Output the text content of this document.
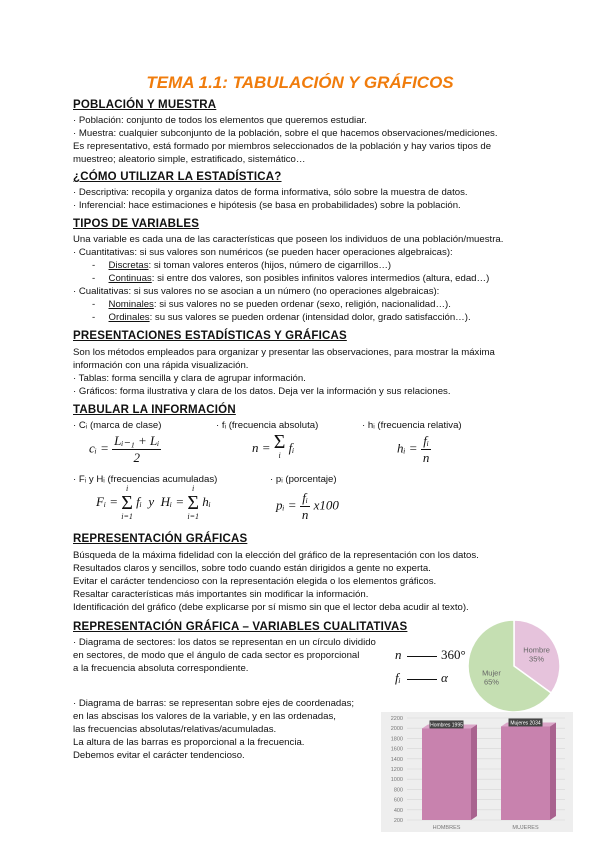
TEMA 1.1: TABULACIÓN Y GRÁFICOS
POBLACIÓN Y MUESTRA
· Población: conjunto de todos los elementos que queremos estudiar.
· Muestra: cualquier subconjunto de la población, sobre el que hacemos observaciones/mediciones.
Es representativo, está formado por miembros seleccionados de la población y hay varios tipos de
muestreo; aleatorio simple, estratificado, sistemático…
¿CÓMO UTILIZAR LA ESTADÍSTICA?
· Descriptiva: recopila y organiza datos de forma informativa, sólo sobre la muestra de datos.
· Inferencial: hace estimaciones e hipótesis (se basa en probabilidades) sobre la población.
TIPOS DE VARIABLES
Una variable es cada una de las características que poseen los individuos de una población/muestra.
· Cuantitativas: si sus valores son numéricos (se pueden hacer operaciones algebraicas):
- Discretas: si toman valores enteros (hijos, número de cigarrillos…)
- Continuas: si entre dos valores, son posibles infinitos valores intermedios (altura, edad…)
· Cualitativas: si sus valores no se asocian a un número (no operaciones algebraicas):
- Nominales: si sus valores no se pueden ordenar (sexo, religión, nacionalidad…).
- Ordinales: su sus valores se pueden ordenar (intensidad dolor, grado satisfacción…).
PRESENTACIONES ESTADÍSTICAS Y GRÁFICAS
Son los métodos empleados para organizar y presentar las observaciones, para mostrar la máxima
información con una rápida visualización.
· Tablas: forma sencilla y clara de agrupar información.
· Gráficos: forma ilustrativa y clara de los datos. Deja ver la información y sus relaciones.
TABULAR LA INFORMACIÓN
· Cᵢ (marca de clase)	· fᵢ (frecuencia absoluta)	· hᵢ (frecuencia relativa)
cᵢ = $\frac{\text{Lᵢ₋₁ + Lᵢ}}{2}$	n = Σ
i
fᵢ	hᵢ = $\frac{\text{fᵢ}}{n}$
· Fᵢ y Hᵢ (frecuencias acumuladas)	· pᵢ (porcentaje)
Fᵢ =
i
Σ
i=1
fᵢ y Hᵢ =
i
Σ
i=1
hᵢ	pᵢ = $\frac{\text{fᵢ}}{n} x100$
REPRESENTACIÓN GRÁFICAS
Búsqueda de la máxima fidelidad con la elección del gráfico de la representación con los datos.
Resultados claros y sencillos, sobre todo cuando están dirigidos a gente no experta.
Evitar el carácter tendencioso con la representación elegida o los elementos gráficos.
Resaltar características más importantes sin modificar la información.
Identificación del gráfico (debe explicarse por sí mismo sin que el lector deba acudir al texto).
REPRESENTACIÓN GRÁFICA – VARIABLES CUALITATIVAS
· Diagrama de sectores: los datos se representan en un círculo dividido
en sectores, de modo que el ángulo de cada sector es proporcional
a la frecuencia absoluta correspondiente.
n	360°
fᵢ	α
Hombre
35%
Mujer
65%
· Diagrama de barras: se representan sobre ejes de coordenadas;
en las abscisas los valores de la variable, y en las ordenadas,
las frecuencias absolutas/relativas/acumuladas.
La altura de las barras es proporcional a la frecuencia.
Debemos evitar el carácter tendencioso.
200
400
600
800
1000
1200
1400
1600
1800
2000
2200
Hombres 1995
HOMBRES
Mujeres 2034
MUJERES
